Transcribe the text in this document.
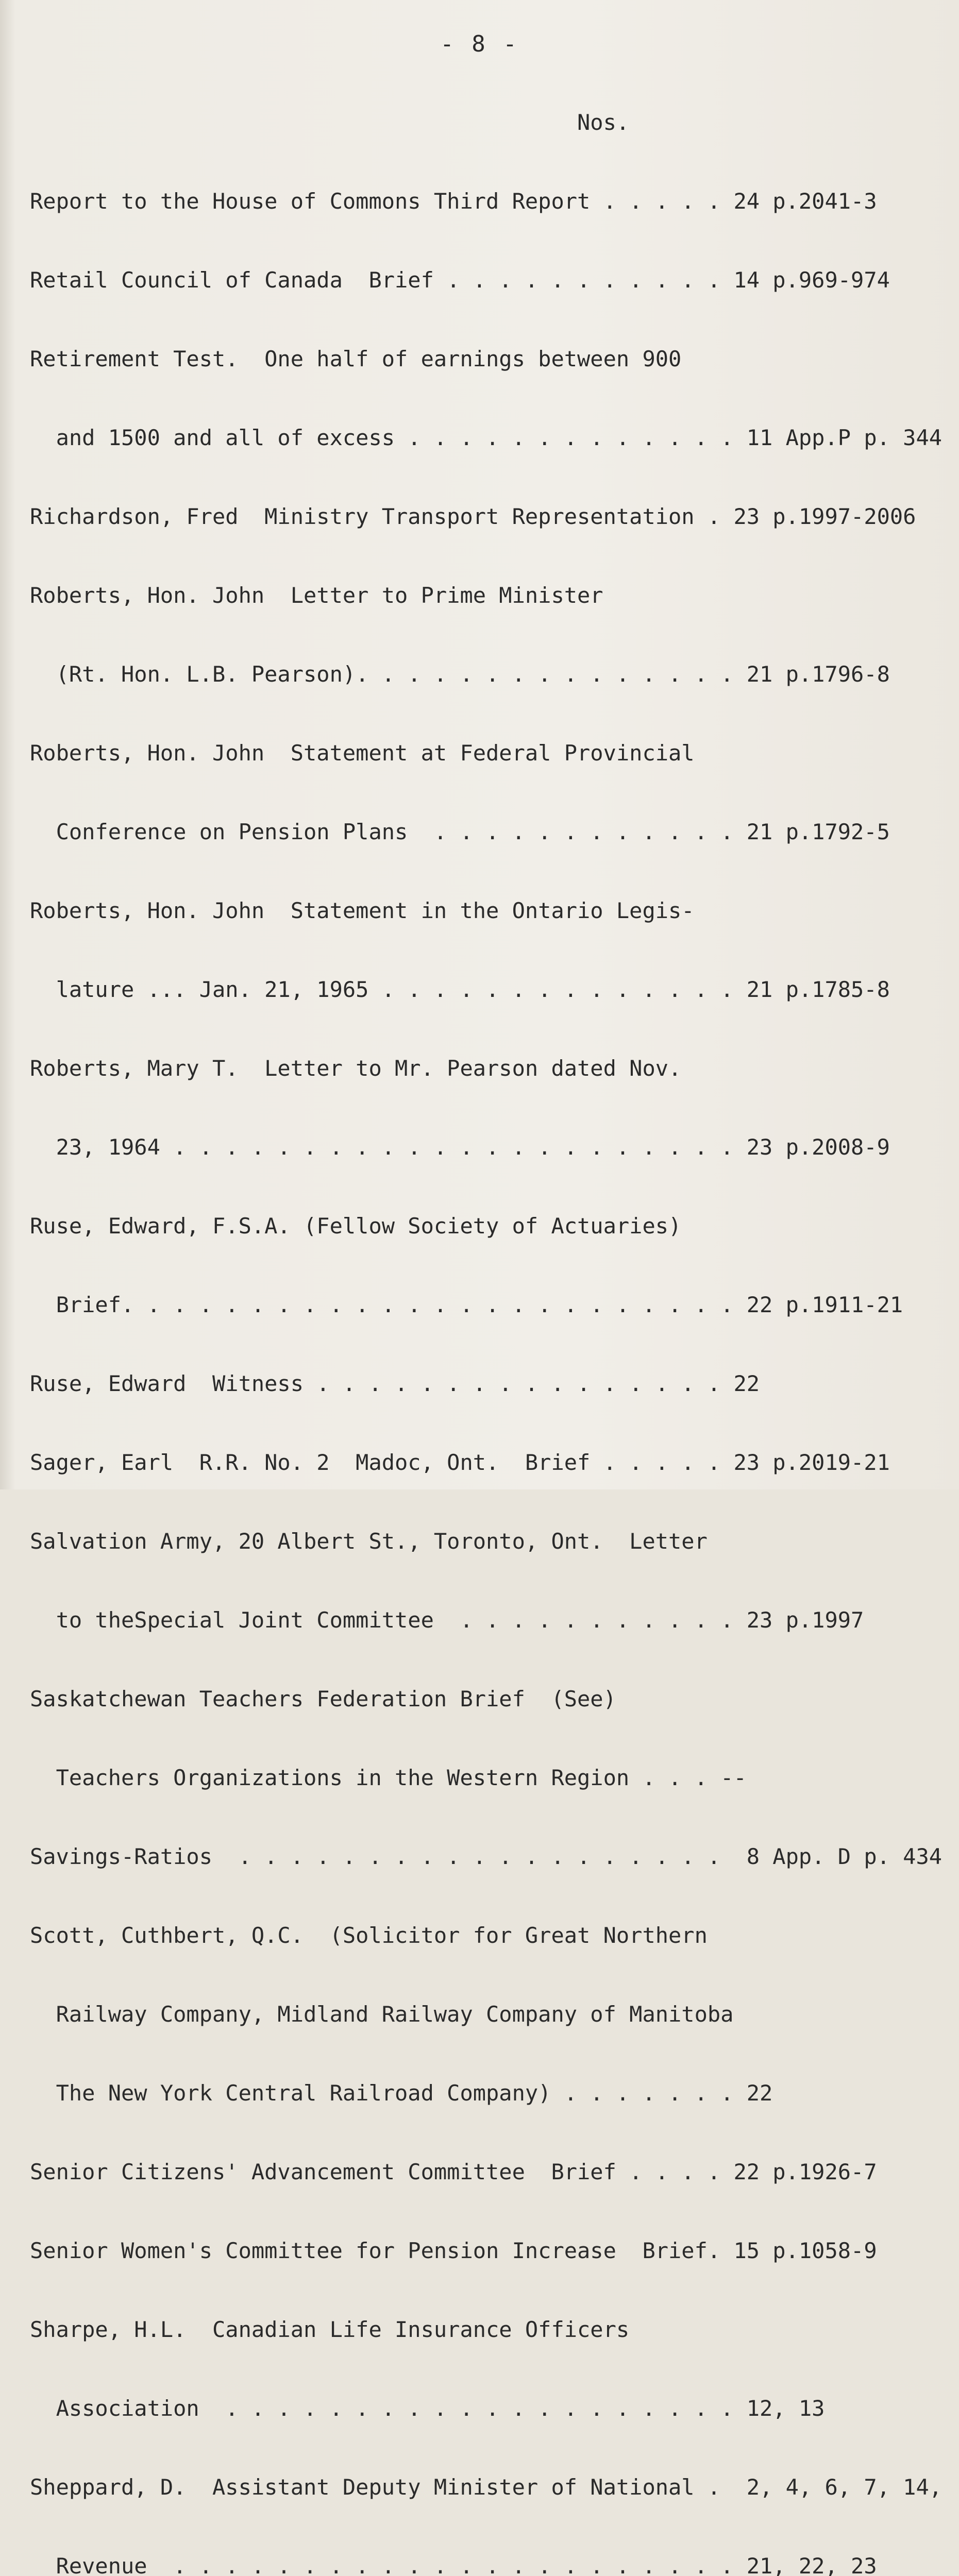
- 8 -

Nos.

Report to the House of Commons Third Report . . . . . 24 p.2041-3

Retail Council of Canada  Brief . . . . . . . . . . . 14 p.969-974

Retirement Test.  One half of earnings between 900

and 1500 and all of excess . . . . . . . . . . . . . 11 App.P p. 344

Richardson, Fred  Ministry Transport Representation . 23 p.1997-2006

Roberts, Hon. John  Letter to Prime Minister

(Rt. Hon. L.B. Pearson). . . . . . . . . . . . . . . 21 p.1796-8

Roberts, Hon. John  Statement at Federal Provincial

Conference on Pension Plans  . . . . . . . . . . . . 21 p.1792-5

Roberts, Hon. John  Statement in the Ontario Legis-

lature ... Jan. 21, 1965 . . . . . . . . . . . . . . 21 p.1785-8

Roberts, Mary T.  Letter to Mr. Pearson dated Nov.

23, 1964 . . . . . . . . . . . . . . . . . . . . . . 23 p.2008-9

Ruse, Edward, F.S.A. (Fellow Society of Actuaries)

Brief. . . . . . . . . . . . . . . . . . . . . . . . 22 p.1911-21

Ruse, Edward  Witness . . . . . . . . . . . . . . . . 22

Sager, Earl  R.R. No. 2  Madoc, Ont.  Brief . . . . . 23 p.2019-21

Salvation Army, 20 Albert St., Toronto, Ont.  Letter

to theSpecial Joint Committee  . . . . . . . . . . . 23 p.1997

Saskatchewan Teachers Federation Brief  (See)

Teachers Organizations in the Western Region . . . --

Savings-Ratios  . . . . . . . . . . . . . . . . . . .  8 App. D p. 434

Scott, Cuthbert, Q.C.  (Solicitor for Great Northern

Railway Company, Midland Railway Company of Manitoba

The New York Central Railroad Company) . . . . . . . 22

Senior Citizens' Advancement Committee  Brief . . . . 22 p.1926-7

Senior Women's Committee for Pension Increase  Brief. 15 p.1058-9

Sharpe, H.L.  Canadian Life Insurance Officers

Association  . . . . . . . . . . . . . . . . . . . . 12, 13

Sheppard, D.  Assistant Deputy Minister of National .  2, 4, 6, 7, 14,

Revenue  . . . . . . . . . . . . . . . . . . . . . . 21, 22, 23
